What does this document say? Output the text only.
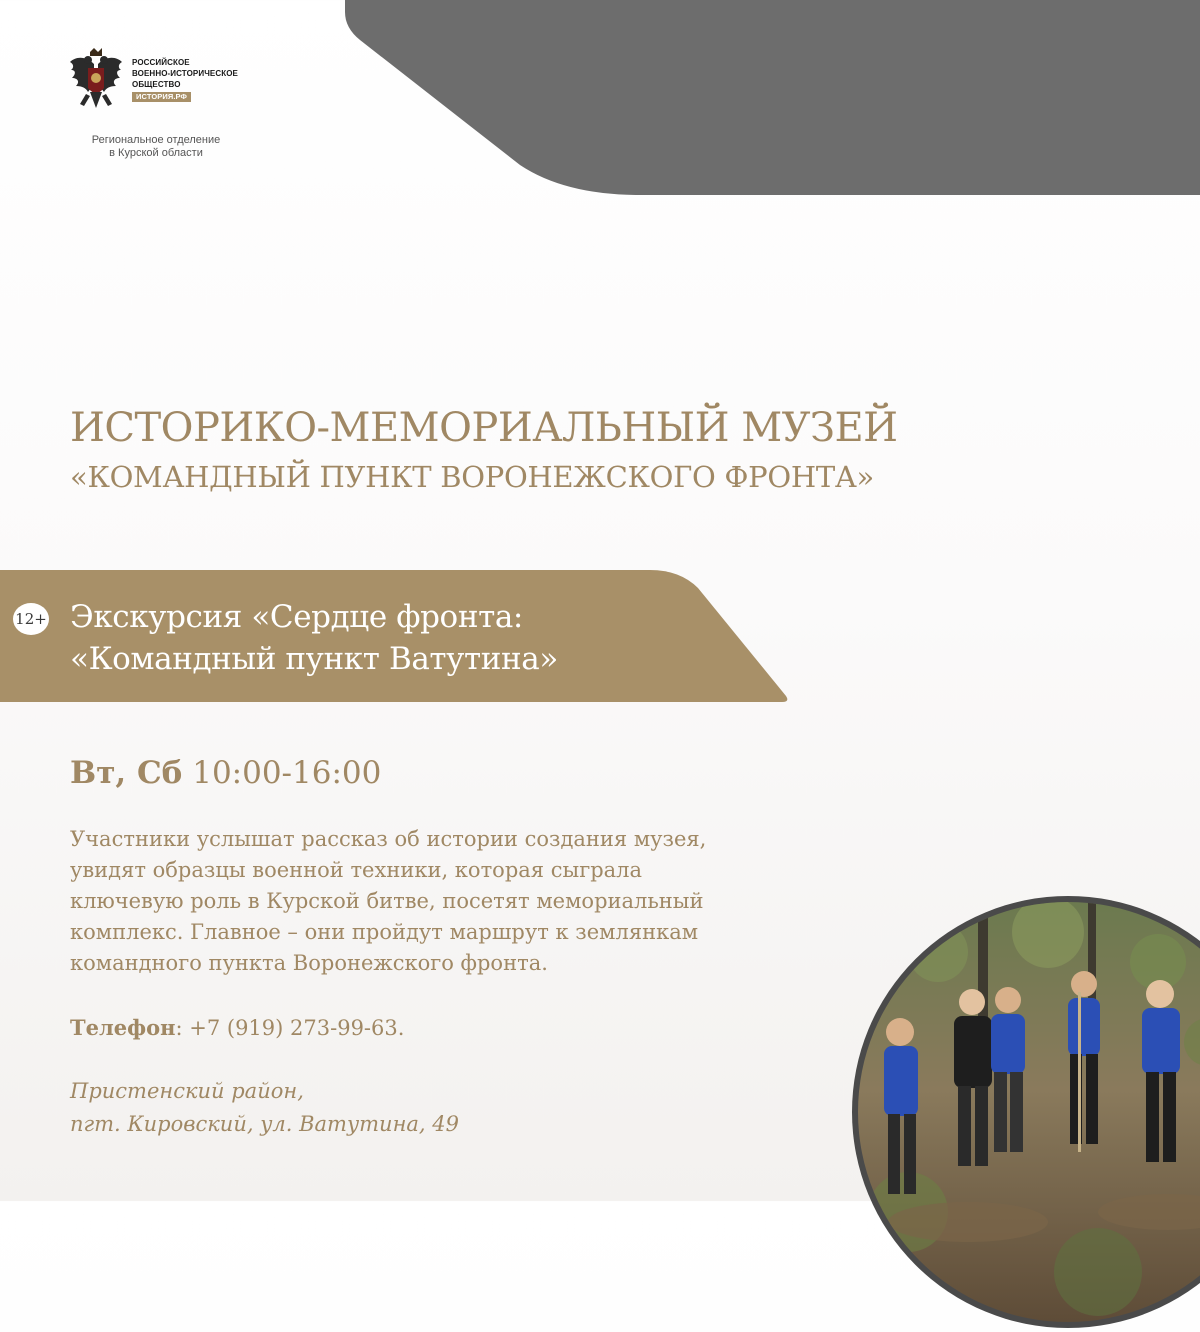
РОССИЙСКОЕ
ВОЕННО-ИСТОРИЧЕСКОЕ
ОБЩЕСТВО
ИСТОРИЯ.РФ
Региональное отделение
в Курской области
ИСТОРИКО-МЕМОРИАЛЬНЫЙ МУЗЕЙ
«КОМАНДНЫЙ ПУНКТ ВОРОНЕЖСКОГО ФРОНТА»
12+ Экскурсия «Сердце фронта:
«Командный пункт Ватутина»
Вт, Сб 10:00-16:00
Участники услышат рассказ об истории создания музея,
увидят образцы военной техники, которая сыграла
ключевую роль в Курской битве, посетят мемориальный
комплекс. Главное – они пройдут маршрут к землянкам
командного пункта Воронежского фронта.
Телефон: +7 (919) 273-99-63.
Пристенский район,
пгт. Кировский, ул. Ватутина, 49
